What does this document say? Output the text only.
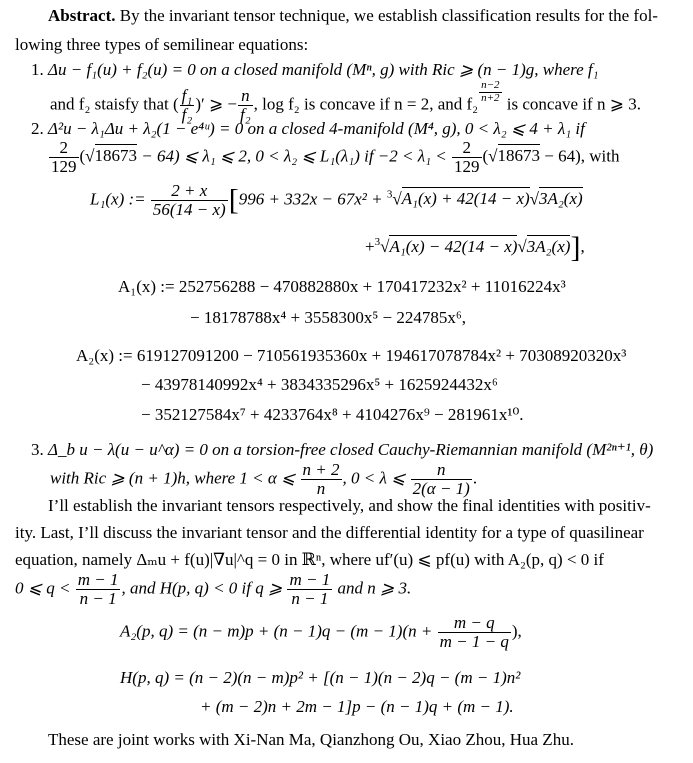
Abstract. By the invariant tensor technique, we establish classification results for the fol-
lowing three types of semilinear equations:
1. Δu − f₁(u) + f₂(u) = 0 on a closed manifold (Mⁿ, g) with Ric ⩾ (n − 1)g, where f₁
and f₂ staisfy that ( $\frac{\text{f₁}}{\text{f₂}}$ )′ ⩾ − $\frac{n}{\text{f₂}}$ , log f₂ is concave if n = 2, and $f_2 \frac{n-2}{n+2}$ is concave if n ⩾ 3.
2. Δ²u − λ₁Δu + λ₂(1 − e⁴ᵘ) = 0 on a closed 4-manifold (M⁴, g), 0 < λ₂ ⩽ 4 + λ₁ if
$\frac{2}{129} (√18673 - 64)$ ⩽ λ₁ ⩽ 2, 0 < λ₂ ⩽ L₁(λ₁) if $-2 < \lambda_1 < \frac{2}{129} (√18673 - 64)$, with
L₁(x) := $\frac{2 + x}{56(14 - x)} [996 + 332x - 67x^2 + ^3√A_1(x) + 42(14 - x)√3A_2(x)$
+$^3$√A₁(x) − 42(14 − x)√3A₂(x)],
A₁(x) := 252756288 − 470882880x + 170417232x² + 11016224x³
− 18178788x⁴ + 3558300x⁵ − 224785x⁶,
A₂(x) := 619127091200 − 710561935360x + 194617078784x² + 70308920320x³
− 43978140992x⁴ + 3834335296x⁵ + 1625924432x⁶
− 352127584x⁷ + 4233764x⁸ + 4104276x⁹ − 281961x¹⁰.
3. Δ_b u − λ(u − u^α) = 0 on a torsion-free closed Cauchy-Riemannian manifold (M²ⁿ⁺¹, θ)
with Ric ⩾ (n + 1)h, where 1 < α ⩽ $\frac{n + 2}{n}$ , 0 < λ ⩽ $\frac{n}{2(\alpha - 1)}$ .
I’ll establish the invariant tensors respectively, and show the final identities with positiv-
ity. Last, I’ll discuss the invariant tensor and the differential identity for a type of quasilinear
equation, namely Δₘu + f(u)|∇u|^q = 0 in ℝⁿ, where uf′(u) ⩽ pf(u) with A₂(p, q) < 0 if
0 ⩽ $q < \frac{m - 1}{n - 1}$ , and H(p, q) < 0 if q ⩾ $\frac{m - 1}{n - 1}$ and n ⩾ 3.
A₂(p, $q) = (n - m)p + (n - 1)q - (m - 1)(n + \frac{m - q}{m - 1 - q}$ ),
H(p, q) = (n − 2)(n − m)p² + [(n − 1)(n − 2)q − (m − 1)n²
+ (m − 2)n + 2m − 1]p − (n − 1)q + (m − 1).
These are joint works with Xi-Nan Ma, Qianzhong Ou, Xiao Zhou, Hua Zhu.
